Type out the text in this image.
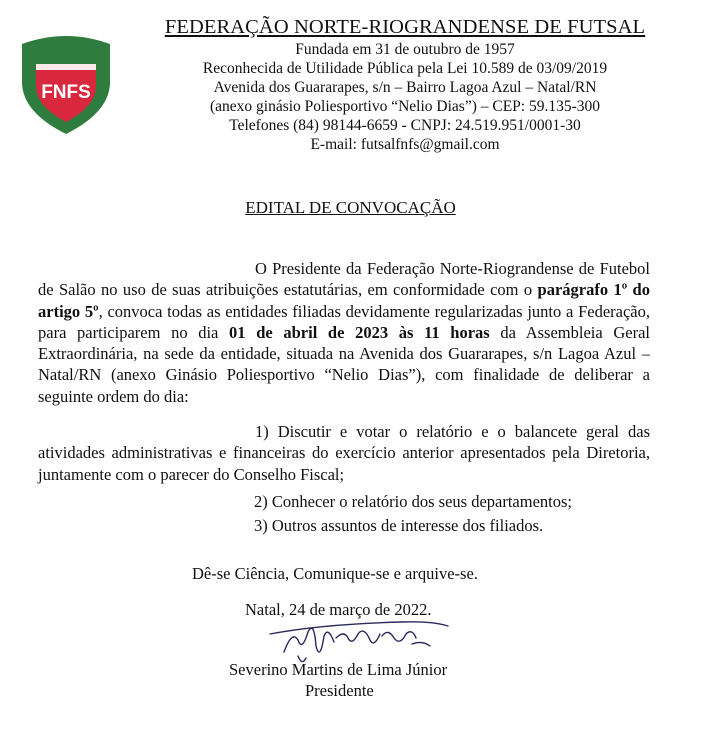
FNFS
FEDERAÇÃO NORTE-RIOGRANDENSE DE FUTSAL
Fundada em 31 de outubro de 1957
Reconhecida de Utilidade Pública pela Lei 10.589 de 03/09/2019
Avenida dos Guararapes, s/n – Bairro Lagoa Azul – Natal/RN
(anexo ginásio Poliesportivo “Nelio Dias”) – CEP: 59.135-300
Telefones (84) 98144-6659 - CNPJ: 24.519.951/0001-30
E-mail: futsalfnfs@gmail.com
EDITAL DE CONVOCAÇÃO

O Presidente da Federação Norte-Riograndense de Futebol de Salão no uso de suas atribuições estatutárias, em conformidade com o parágrafo 1º do artigo 5º, convoca todas as entidades filiadas devidamente regularizadas junto a Federação, para participarem no dia 01 de abril de 2023 às 11 horas da Assembleia Geral Extraordinária, na sede da entidade, situada na Avenida dos Guararapes, s/n Lagoa Azul – Natal/RN (anexo Ginásio Poliesportivo “Nelio Dias”), com finalidade de deliberar a seguinte ordem do dia:

1) Discutir e votar o relatório e o balancete geral das atividades administrativas e financeiras do exercício anterior apresentados pela Diretoria, juntamente com o parecer do Conselho Fiscal;

2) Conhecer o relatório dos seus departamentos;
3) Outros assuntos de interesse dos filiados.
Dê-se Ciência, Comunique-se e arquive-se.
Natal, 24 de março de 2022.
Severino Martins de Lima Júnior
Presidente
